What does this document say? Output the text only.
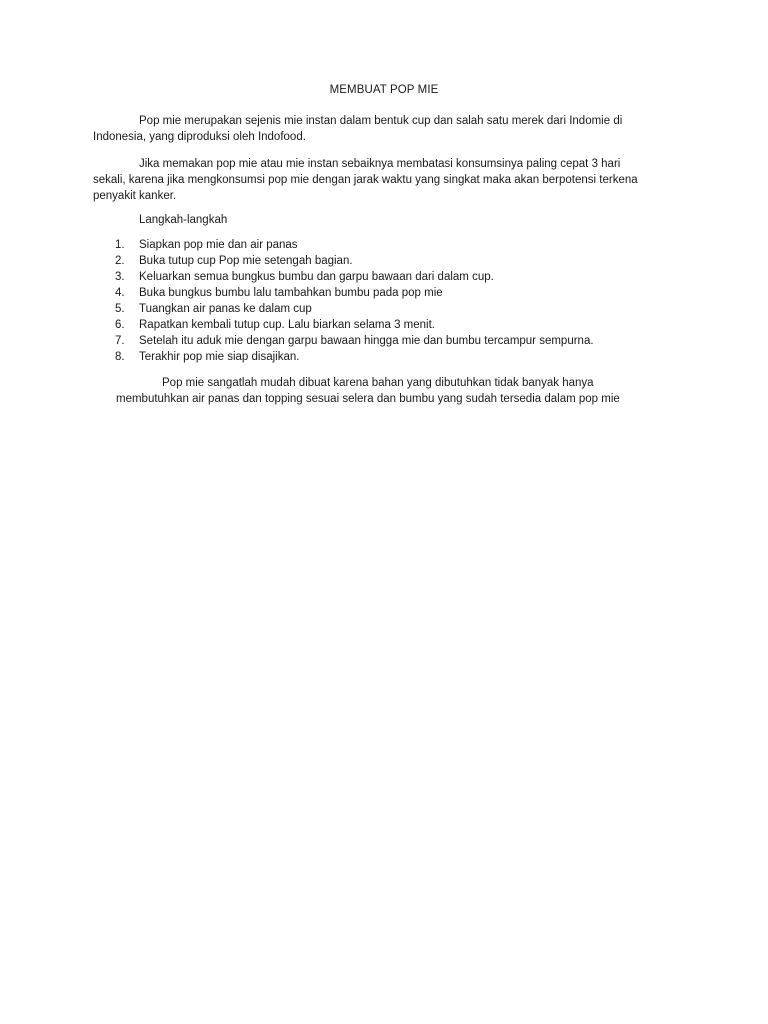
MEMBUAT POP MIE

Pop mie merupakan sejenis mie instan dalam bentuk cup dan salah satu merek dari Indomie di Indonesia, yang diproduksi oleh Indofood.

Jika memakan pop mie atau mie instan sebaiknya membatasi konsumsinya paling cepat 3 hari sekali, karena jika mengkonsumsi pop mie dengan jarak waktu yang singkat maka akan berpotensi terkena penyakit kanker.

Langkah-langkah
1.	Siapkan pop mie dan air panas
2.	Buka tutup cup Pop mie setengah bagian.
3.	Keluarkan semua bungkus bumbu dan garpu bawaan dari dalam cup.
4.	Buka bungkus bumbu lalu tambahkan bumbu pada pop mie
5.	Tuangkan air panas ke dalam cup
6.	Rapatkan kembali tutup cup. Lalu biarkan selama 3 menit.
7.	Setelah itu aduk mie dengan garpu bawaan hingga mie dan bumbu tercampur sempurna.
8.	Terakhir pop mie siap disajikan.

Pop mie sangatlah mudah dibuat karena bahan yang dibutuhkan tidak banyak hanya membutuhkan air panas dan topping sesuai selera dan bumbu yang sudah tersedia dalam pop mie
